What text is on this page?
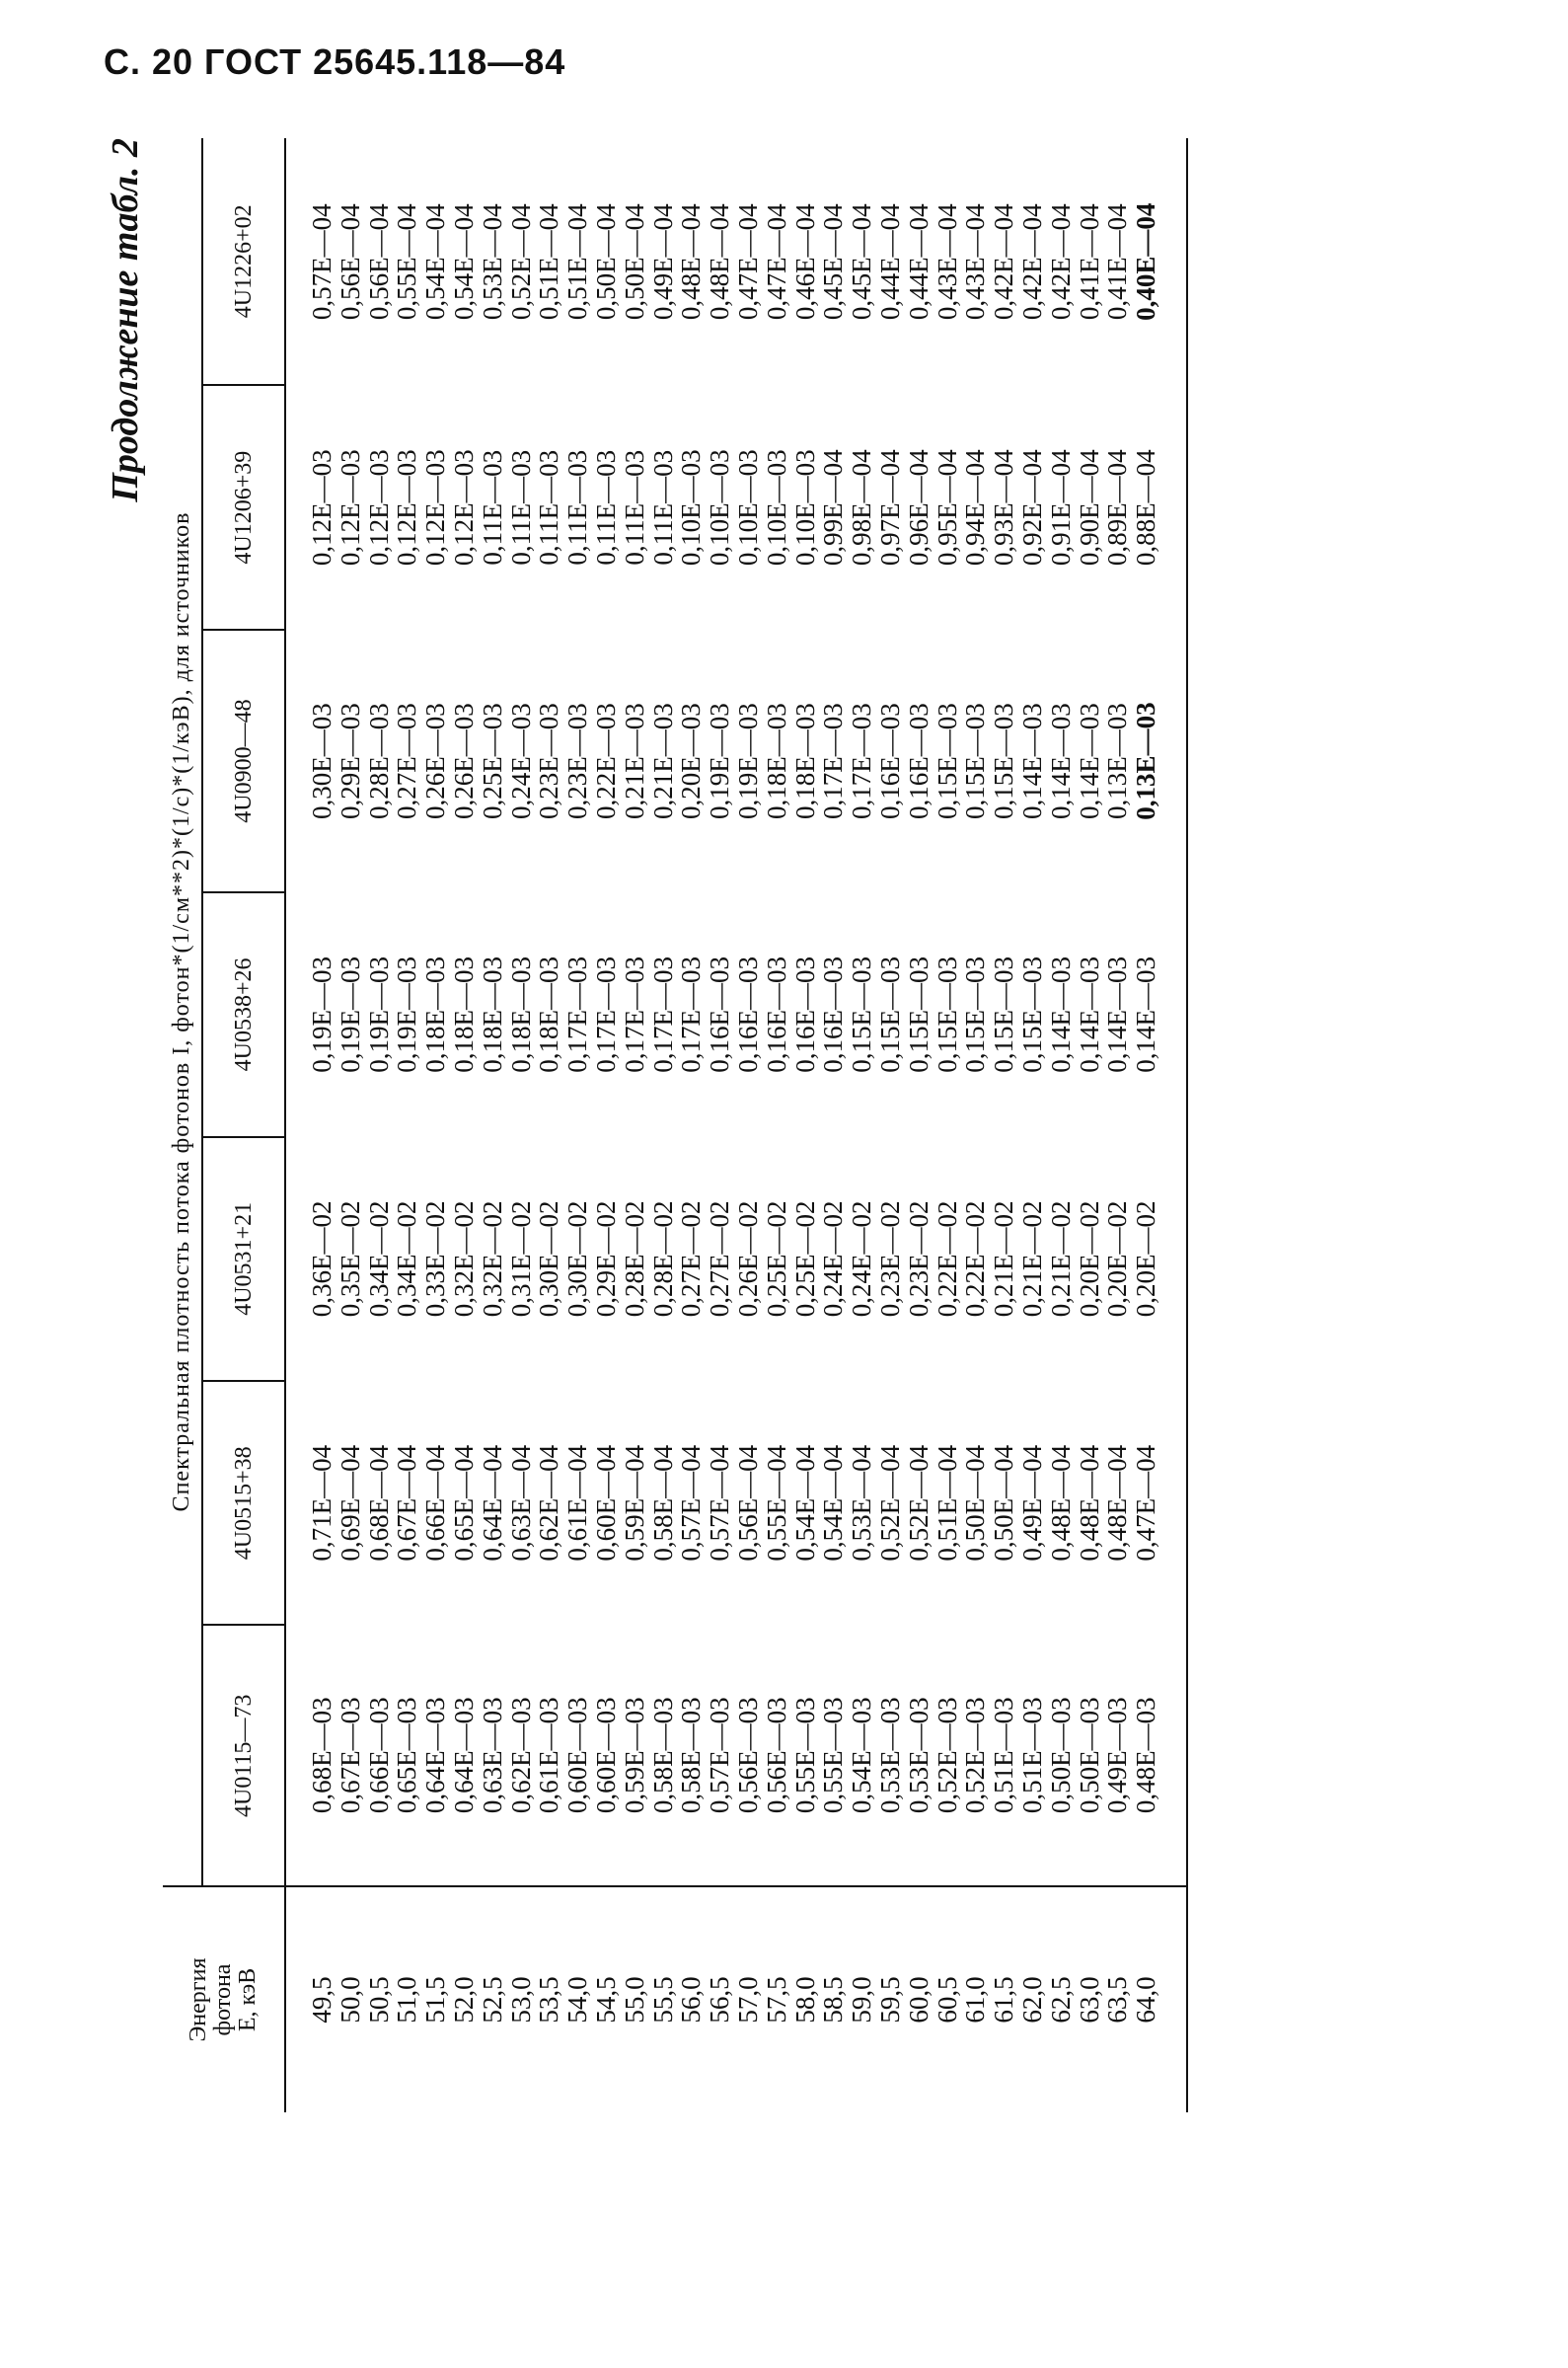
С. 20 ГОСТ 25645.118—84
Продолжение табл. 2
Энергия фотона E, кэВ	Спектральная плотность потока фотонов I, фотон*(1/см**2)*(1/с)*(1/кэВ), для источников						
	4U0115—73	4U0515+38	4U0531+21	4U0538+26	4U0900—48	4U1206+39	4U1226+02
49,5	0,68E—03	0,71E—04	0,36E—02	0,19E—03	0,30E—03	0,12E—03	0,57E—04
50,0	0,67E—03	0,69E—04	0,35E—02	0,19E—03	0,29E—03	0,12E—03	0,56E—04
50,5	0,66E—03	0,68E—04	0,34E—02	0,19E—03	0,28E—03	0,12E—03	0,56E—04
51,0	0,65E—03	0,67E—04	0,34E—02	0,19E—03	0,27E—03	0,12E—03	0,55E—04
51,5	0,64E—03	0,66E—04	0,33E—02	0,18E—03	0,26E—03	0,12E—03	0,54E—04
52,0	0,64E—03	0,65E—04	0,32E—02	0,18E—03	0,26E—03	0,12E—03	0,54E—04
52,5	0,63E—03	0,64E—04	0,32E—02	0,18E—03	0,25E—03	0,11E—03	0,53E—04
53,0	0,62E—03	0,63E—04	0,31E—02	0,18E—03	0,24E—03	0,11E—03	0,52E—04
53,5	0,61E—03	0,62E—04	0,30E—02	0,18E—03	0,23E—03	0,11E—03	0,51E—04
54,0	0,60E—03	0,61E—04	0,30E—02	0,17E—03	0,23E—03	0,11E—03	0,51E—04
54,5	0,60E—03	0,60E—04	0,29E—02	0,17E—03	0,22E—03	0,11E—03	0,50E—04
55,0	0,59E—03	0,59E—04	0,28E—02	0,17E—03	0,21E—03	0,11E—03	0,50E—04
55,5	0,58E—03	0,58E—04	0,28E—02	0,17E—03	0,21E—03	0,11E—03	0,49E—04
56,0	0,58E—03	0,57E—04	0,27E—02	0,17E—03	0,20E—03	0,10E—03	0,48E—04
56,5	0,57E—03	0,57E—04	0,27E—02	0,16E—03	0,19E—03	0,10E—03	0,48E—04
57,0	0,56E—03	0,56E—04	0,26E—02	0,16E—03	0,19E—03	0,10E—03	0,47E—04
57,5	0,56E—03	0,55E—04	0,25E—02	0,16E—03	0,18E—03	0,10E—03	0,47E—04
58,0	0,55E—03	0,54E—04	0,25E—02	0,16E—03	0,18E—03	0,10E—03	0,46E—04
58,5	0,55E—03	0,54E—04	0,24E—02	0,16E—03	0,17E—03	0,99E—04	0,45E—04
59,0	0,54E—03	0,53E—04	0,24E—02	0,15E—03	0,17E—03	0,98E—04	0,45E—04
59,5	0,53E—03	0,52E—04	0,23E—02	0,15E—03	0,16E—03	0,97E—04	0,44E—04
60,0	0,53E—03	0,52E—04	0,23E—02	0,15E—03	0,16E—03	0,96E—04	0,44E—04
60,5	0,52E—03	0,51E—04	0,22E—02	0,15E—03	0,15E—03	0,95E—04	0,43E—04
61,0	0,52E—03	0,50E—04	0,22E—02	0,15E—03	0,15E—03	0,94E—04	0,43E—04
61,5	0,51E—03	0,50E—04	0,21E—02	0,15E—03	0,15E—03	0,93E—04	0,42E—04
62,0	0,51E—03	0,49E—04	0,21E—02	0,15E—03	0,14E—03	0,92E—04	0,42E—04
62,5	0,50E—03	0,48E—04	0,21E—02	0,14E—03	0,14E—03	0,91E—04	0,42E—04
63,0	0,50E—03	0,48E—04	0,20E—02	0,14E—03	0,14E—03	0,90E—04	0,41E—04
63,5	0,49E—03	0,48E—04	0,20E—02	0,14E—03	0,13E—03	0,89E—04	0,41E—04
64,0	0,48E—03	0,47E—04	0,20E—02	0,14E—03	0,13E—03	0,88E—04	0,40E—04
